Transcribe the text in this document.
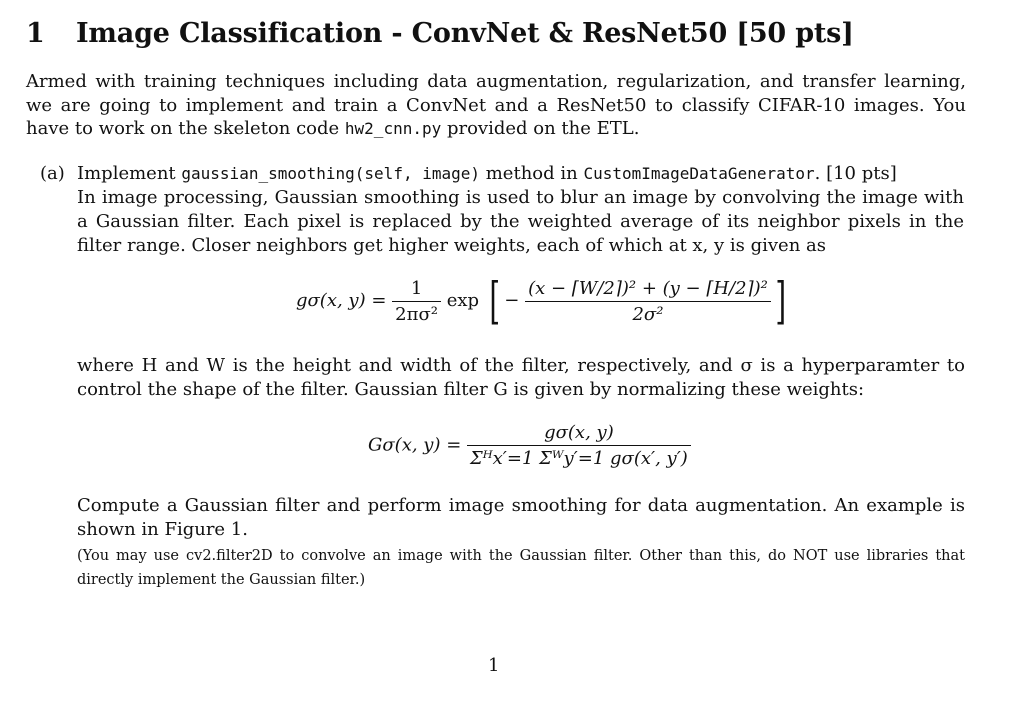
1 Image Classification - ConvNet & ResNet50 [50 pts]
Armed with training techniques including data augmentation, regularization, and transfer learning, we are going to implement and train a ConvNet and a ResNet50 to classify CIFAR-10 images. You have to work on the skeleton code hw2_cnn.py provided on the ETL.
(a) Implement gaussian_smoothing(self, image) method in CustomImageDataGenerator. [10 pts]
In image processing, Gaussian smoothing is used to blur an image by convolving the image with a Gaussian filter. Each pixel is replaced by the weighted average of its neighbor pixels in the filter range. Closer neighbors get higher weights, each of which at x, y is given as
gσ(x, $y) = \frac{1}{\text{2πσ²}}$ exp [ − $\frac{\text{(x − ⌈W/2⌉)² + (y − ⌈H/2⌉)²}}{\text{2σ²}}$ ]
where H and W is the height and width of the filter, respectively, and σ is a hyperparamter to control the shape of the filter. Gaussian filter G is given by normalizing these weights:
Gσ(x, $y) = \frac{g\sigma(x, y)}{\text{Σᴴx′=1 Σᵂy′=1 gσ(x′, y′)}}$
Compute a Gaussian filter and perform image smoothing for data augmentation. An example is shown in Figure 1.
(You may use cv2.filter2D to convolve an image with the Gaussian filter. Other than this, do NOT use libraries that directly implement the Gaussian filter.)
1
